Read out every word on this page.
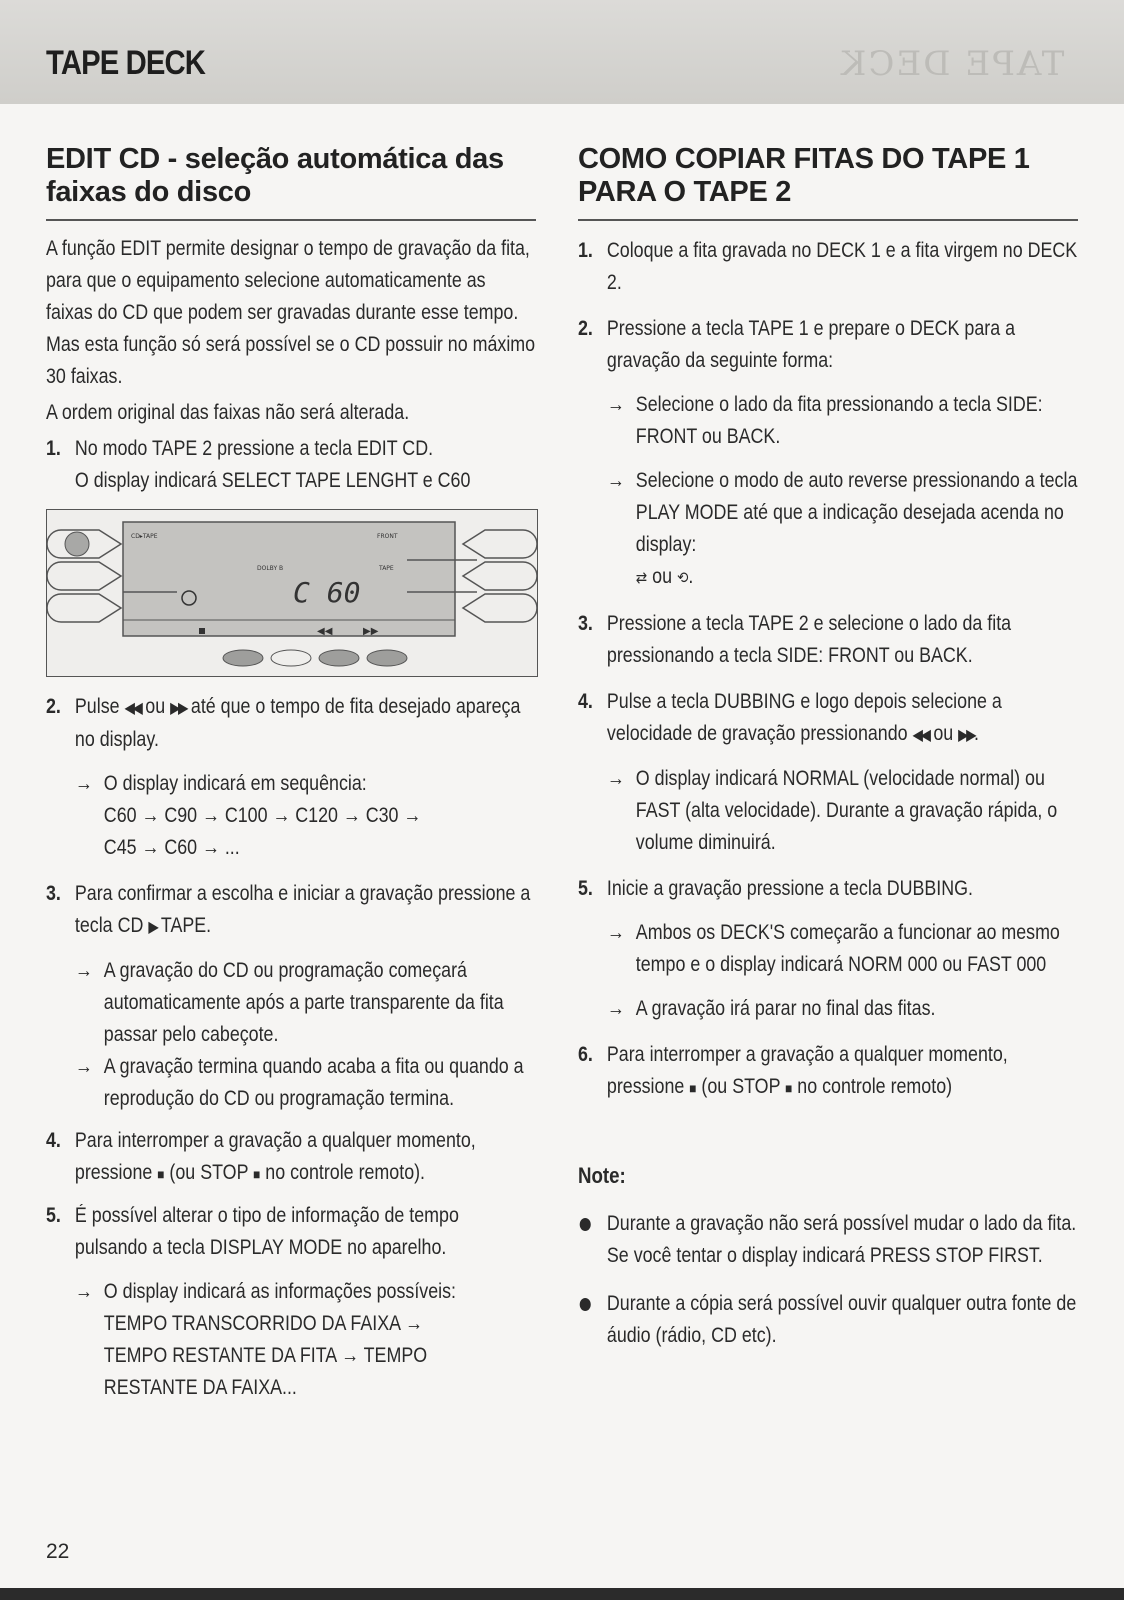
TAPE DECK	TAPE DECK
EDIT CD - seleção automática das faixas do disco

A função EDIT permite designar o tempo de gravação da fita, para que o equipamento selecione automaticamente as faixas do CD que podem ser gravadas durante esse tempo. Mas esta função só será possível se o CD possuir no máximo 30 faixas.

A ordem original das faixas não será alterada.

1. No modo TAPE 2 pressione a tecla EDIT CD.
O display indicará SELECT TAPE LENGHT e C60
CD▸TAPE	FRONT
DOLBY B	TAPE
C 60
◀◀	▶▶
2. Pulse ◀◀ ou ▶▶ até que o tempo de fita desejado apareça no display.
→ O display indicará em sequência:
C60 → C90 → C100 → C120 → C30 →
C45 → C60 → ...
3. Para confirmar a escolha e iniciar a gravação pressione a tecla CD ▶ TAPE.
→ A gravação do CD ou programação começará automaticamente após a parte transparente da fita passar pelo cabeçote.
→ A gravação termina quando acaba a fita ou quando a reprodução do CD ou programação termina.
4. Para interromper a gravação a qualquer momento, pressione ■ (ou STOP ■ no controle remoto).
5. É possível alterar o tipo de informação de tempo pulsando a tecla DISPLAY MODE no aparelho.
→ O display indicará as informações possíveis:
TEMPO TRANSCORRIDO DA FAIXA →
TEMPO RESTANTE DA FITA → TEMPO
RESTANTE DA FAIXA...
COMO COPIAR FITAS DO TAPE 1 PARA O TAPE 2
1. Coloque a fita gravada no DECK 1 e a fita virgem no DECK 2.
2. Pressione a tecla TAPE 1 e prepare o DECK para a gravação da seguinte forma:
→ Selecione o lado da fita pressionando a tecla SIDE: FRONT ou BACK.
→ Selecione o modo de auto reverse pressionando a tecla PLAY MODE até que a indicação desejada acenda no display:
⇄ ou ⟲.
3. Pressione a tecla TAPE 2 e selecione o lado da fita pressionando a tecla SIDE: FRONT ou BACK.
4. Pulse a tecla DUBBING e logo depois selecione a velocidade de gravação pressionando ◀◀ ou ▶▶.
→ O display indicará NORMAL (velocidade normal) ou FAST (alta velocidade). Durante a gravação rápida, o volume diminuirá.
5. Inicie a gravação pressione a tecla DUBBING.
→ Ambos os DECK'S começarão a funcionar ao mesmo tempo e o display indicará NORM 000 ou FAST 000
→ A gravação irá parar no final das fitas.
6. Para interromper a gravação a qualquer momento, pressione ■ (ou STOP ■ no controle remoto)
Note:
Durante a gravação não será possível mudar o lado da fita. Se você tentar o display indicará PRESS STOP FIRST.
Durante a cópia será possível ouvir qualquer outra fonte de áudio (rádio, CD etc).
22
